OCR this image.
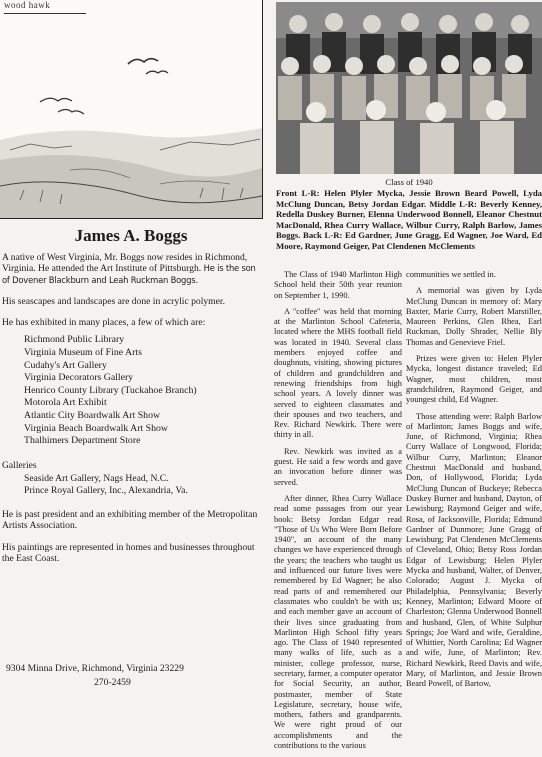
wood hawk
James A. Boggs

A native of West Virginia, Mr. Boggs now resides in Richmond, Virginia. He attended the Art Institute of Pittsburgh. He is the son of Dovener Blackburn and Leah Ruckman Boggs.

His seascapes and landscapes are done in acrylic polymer.

He has exhibited in many places, a few of which are:

Richmond Public Library
Virginia Museum of Fine Arts
Cudahy's Art Gallery
Virginia Decorators Gallery
Henrico County Library (Tuckahoe Branch)
Motorola Art Exhibit
Atlantic City Boardwalk Art Show
Virginia Beach Boardwalk Art Show
Thalhimers Department Store

Galleries

Seaside Art Gallery, Nags Head, N.C.
Prince Royal Gallery, Inc., Alexandria, Va.

He is past president and an exhibiting member of the Metropolitan Artists Association.

His paintings are represented in homes and businesses throughout the East Coast.

9304 Minna Drive, Richmond, Virginia 23229
270-2459
Class of 1940
Front L-R: Helen Plyler Mycka, Jessie Brown Beard Powell, Lyda McClung Duncan, Betsy Jordan Edgar. Middle L-R: Beverly Kenney, Redella Duskey Burner, Elenna Underwood Bonnell, Eleanor Chestnut MacDonald, Rhea Curry Wallace, Wilbur Curry, Ralph Barlow, James Boggs. Back L-R: Ed Gardner, June Gragg, Ed Wagner, Joe Ward, Ed Moore, Raymond Geiger, Pat Clendenen McClements

The Class of 1940 Marlinton High School held their 50th year reunion on September 1, 1990.

A "coffee" was held that morning at the Marlinton School Cafeteria, located where the MHS football field was located in 1940. Several class members enjoyed coffee and doughnuts, visiting, showing pictures of children and grandchildren and renewing friendships from high school years. A lovely dinner was served to eighteen classmates and their spouses and two teachers, and Rev. Richard Newkirk. There were thirty in all.

Rev. Newkirk was invited as a guest. He said a few words and gave an invocation before dinner was served.

After dinner, Rhea Curry Wallace read some passages from our year book: Betsy Jordan Edgar read "Those of Us Who Were Born Before 1940", an account of the many changes we have experienced through the years; the teachers who taught us and influenced our future lives were remembered by Ed Wagner; he also read parts of and remembered our classmates who couldn't be with us; and each member gave an account of their lives since graduating from Marlinton High School fifty years ago. The Class of 1940 represented many walks of life, such as a minister, college professor, nurse, secretary, farmer, a computer operator for Social Security, an author, postmaster, member of State Legislature, secretary, house wife, mothers, fathers and grandparents. We were right proud of our accomplishments and the contributions to the various

communities we settled in.

A memorial was given by Lyda McClung Duncan in memory of: Mary Baxter, Marie Curry, Robert Marstiller, Maureen Perkins, Glen Rhea, Earl Ruckman, Dolly Shrader, Nellie Bly Thomas and Genevieve Friel.

Prizes were given to: Helen Plyler Mycka, longest distance traveled; Ed Wagner, most children, most grandchildren, Raymond Geiger, and youngest child, Ed Wagner.

Those attending were: Ralph Barlow of Marlinton; James Boggs and wife, June, of Richmond, Virginia; Rhea Curry Wallace of Longwood, Florida; Wilbur Curry, Marlinton; Eleanor Chestnut MacDonald and husband, Don, of Hollywood, Florida; Lyda McClung Duncan of Buckeye; Rebecca Duskey Burner and husband, Dayton, of Lewisburg; Raymond Geiger and wife, Rosa, of Jacksonville, Florida; Edmund Gardner of Dunmore; June Gragg of Lewisburg; Pat Clendenen McClements of Cleveland, Ohio; Betsy Ross Jordan Edgar of Lewisburg; Helen Plyler Mycka and husband, Walter, of Denver, Colorado; August J. Mycka of Philadelphia, Pennsylvania; Beverly Kenney, Marlinton; Edward Moore of Charleston; Glenna Underwood Bonnell and husband, Glen, of White Sulphur Springs; Joe Ward and wife, Geraldine, of Whittier, North Carolina; Ed Wagner and wife, June, of Marlinton; Rev. Richard Newkirk, Reed Davis and wife, Mary, of Marlinton, and Jessie Brown Beard Powell, of Bartow,
